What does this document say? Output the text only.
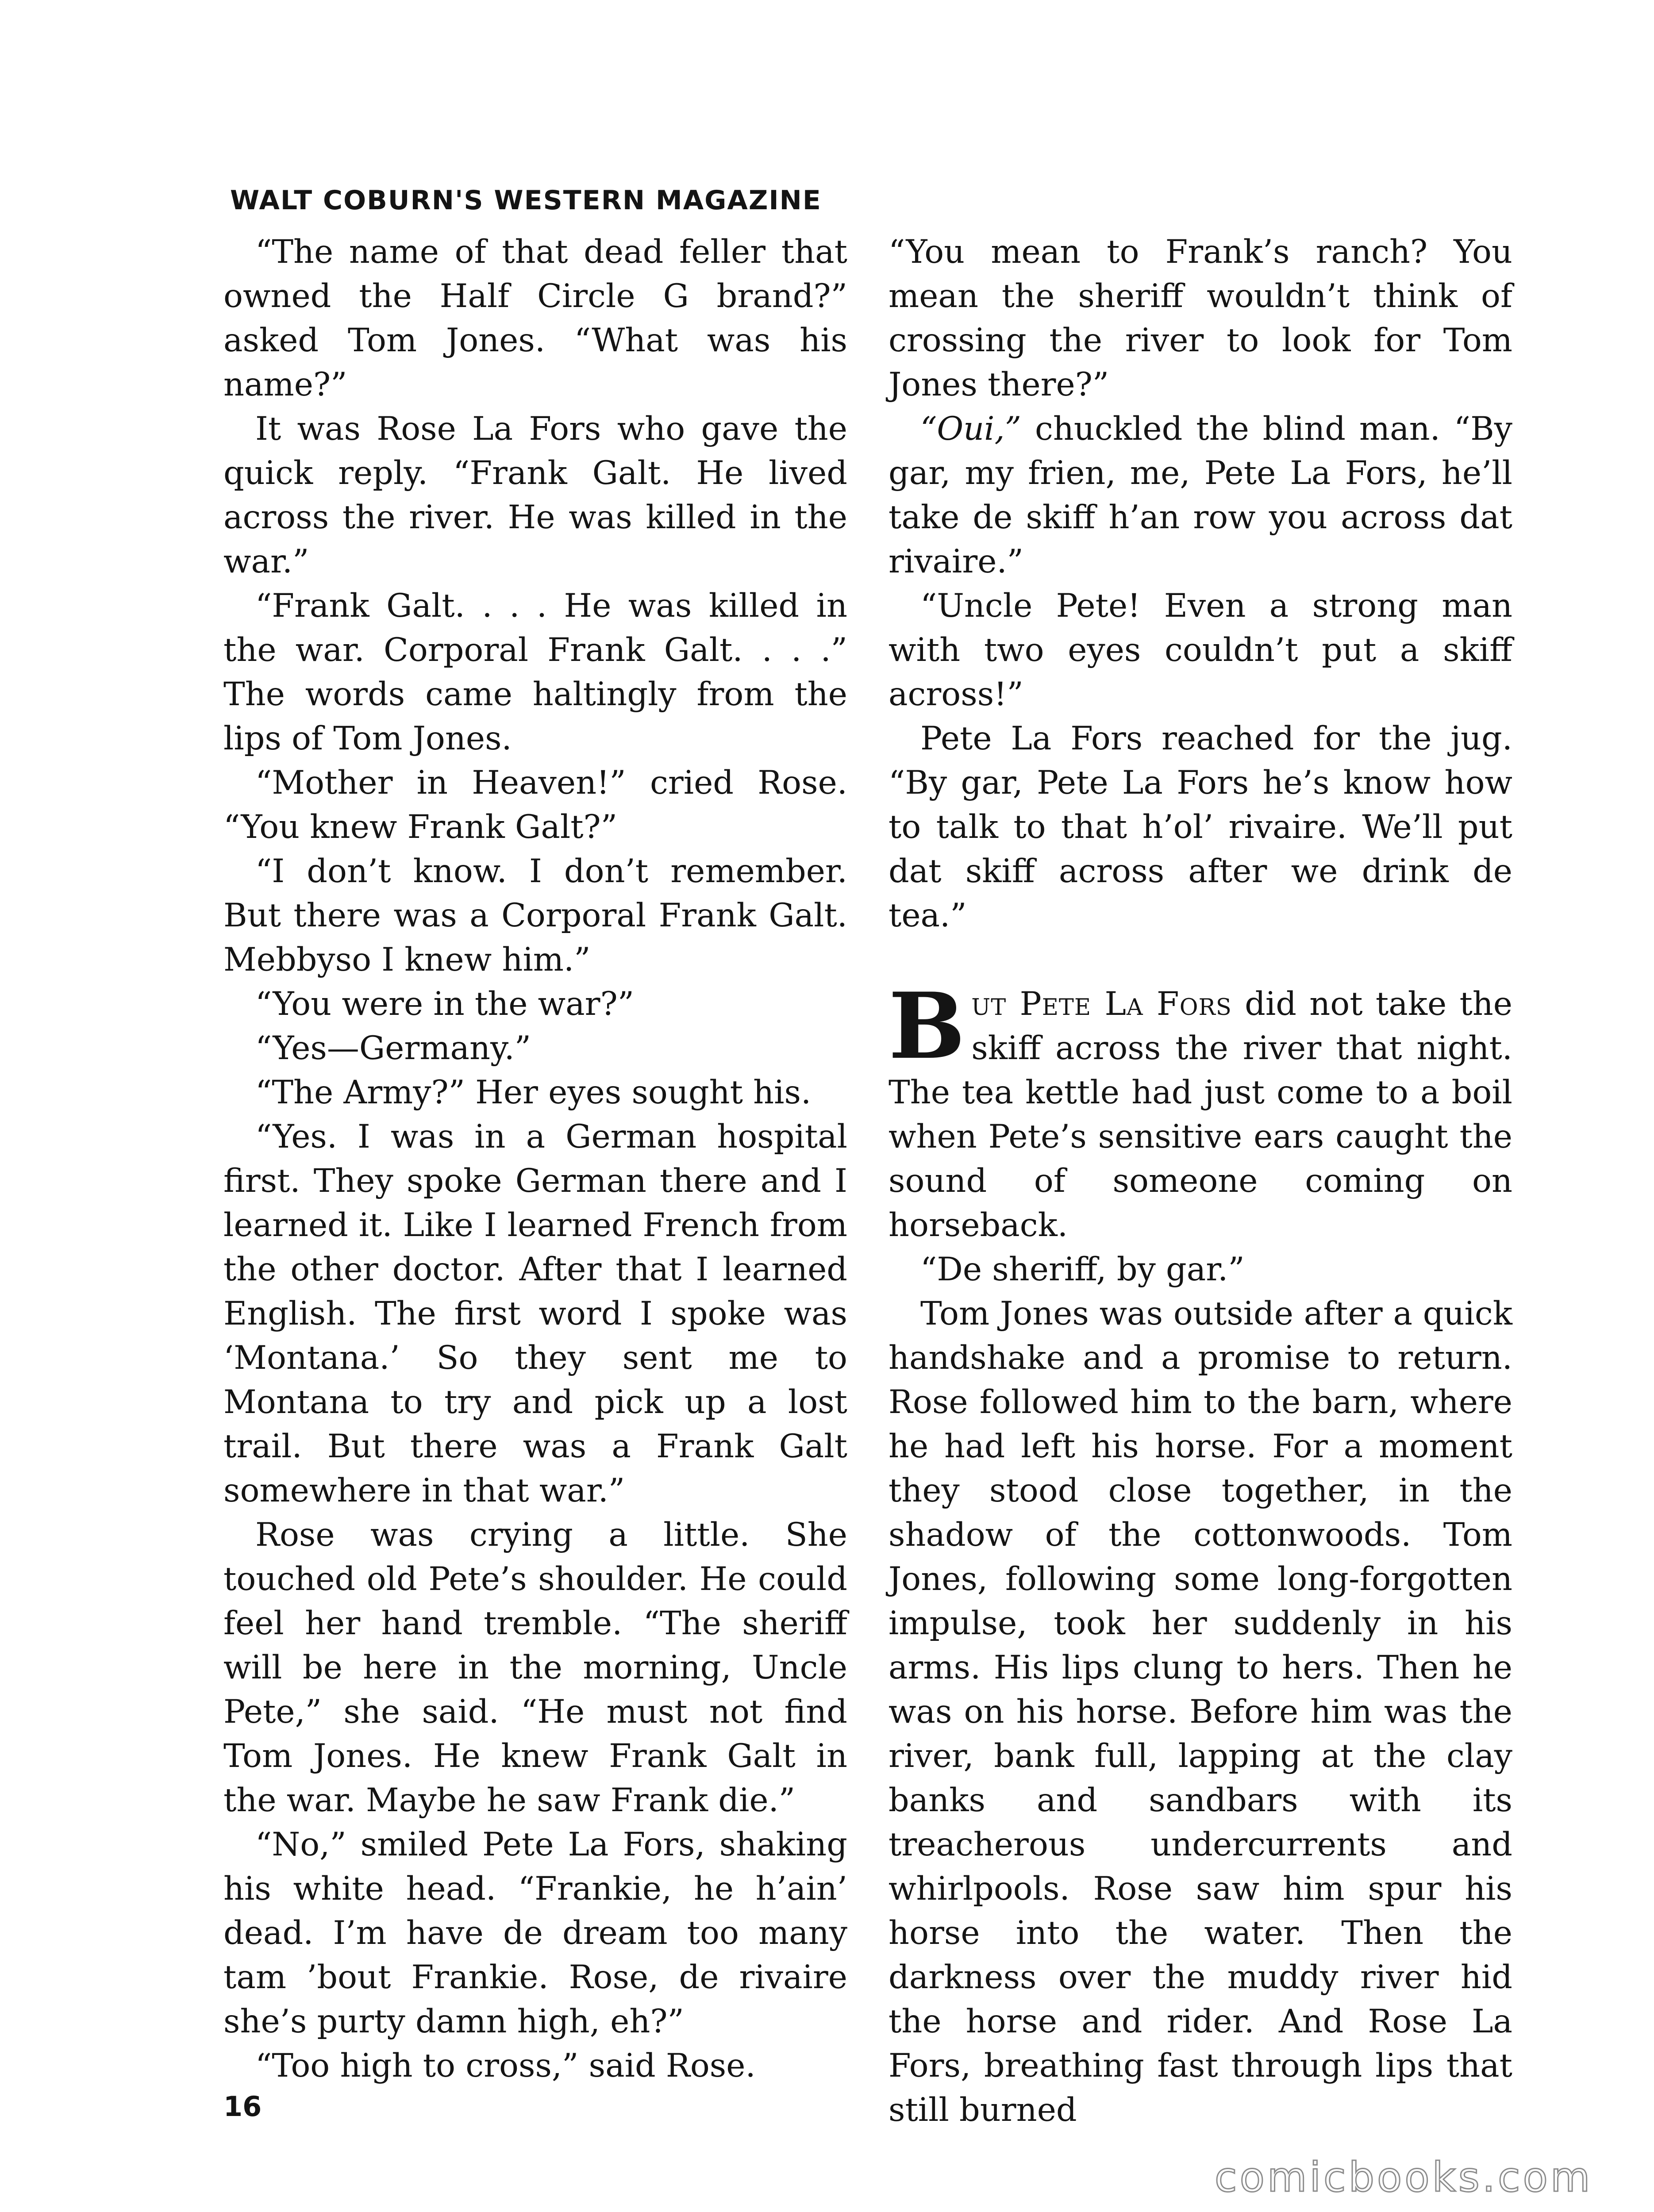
WALT COBURN'S WESTERN MAGAZINE

“The name of that dead feller that owned the Half Circle G brand?” asked Tom Jones. “What was his name?”

It was Rose La Fors who gave the quick reply. “Frank Galt. He lived across the river. He was killed in the war.”

“Frank Galt. . . . He was killed in the war. Corporal Frank Galt. . . .” The words came haltingly from the lips of Tom Jones.

“Mother in Heaven!” cried Rose. “You knew Frank Galt?”

“I don’t know. I don’t remember. But there was a Corporal Frank Galt. Mebbyso I knew him.”

“You were in the war?”

“Yes—Germany.”

“The Army?” Her eyes sought his.

“Yes. I was in a German hospital first. They spoke German there and I learned it. Like I learned French from the other doctor. After that I learned English. The first word I spoke was ‘Montana.’ So they sent me to Montana to try and pick up a lost trail. But there was a Frank Galt somewhere in that war.”

Rose was crying a little. She touched old Pete’s shoulder. He could feel her hand tremble. “The sheriff will be here in the morning, Uncle Pete,” she said. “He must not find Tom Jones. He knew Frank Galt in the war. Maybe he saw Frank die.”

“No,” smiled Pete La Fors, shaking his white head. “Frankie, he h’ain’ dead. I’m have de dream too many tam ’bout Frankie. Rose, de rivaire she’s purty damn high, eh?”

“Too high to cross,” said Rose.

“You mean to Frank’s ranch? You mean the sheriff wouldn’t think of crossing the river to look for Tom Jones there?”

“Oui,” chuckled the blind man. “By gar, my frien, me, Pete La Fors, he’ll take de skiff h’an row you across dat rivaire.”

“Uncle Pete! Even a strong man with two eyes couldn’t put a skiff across!”

Pete La Fors reached for the jug. “By gar, Pete La Fors he’s know how to talk to that h’ol’ rivaire. We’ll put dat skiff across after we drink de tea.”

But Pete La Fors did not take the skiff across the river that night. The tea kettle had just come to a boil when Pete’s sensitive ears caught the sound of someone coming on horseback.

“De sheriff, by gar.”

Tom Jones was outside after a quick handshake and a promise to return. Rose followed him to the barn, where he had left his horse. For a moment they stood close together, in the shadow of the cottonwoods. Tom Jones, following some long-forgotten impulse, took her suddenly in his arms. His lips clung to hers. Then he was on his horse. Before him was the river, bank full, lapping at the clay banks and sandbars with its treacherous undercurrents and whirlpools. Rose saw him spur his horse into the water. Then the darkness over the muddy river hid the horse and rider. And Rose La Fors, breathing fast through lips that still burned

16
comicbooks.com
